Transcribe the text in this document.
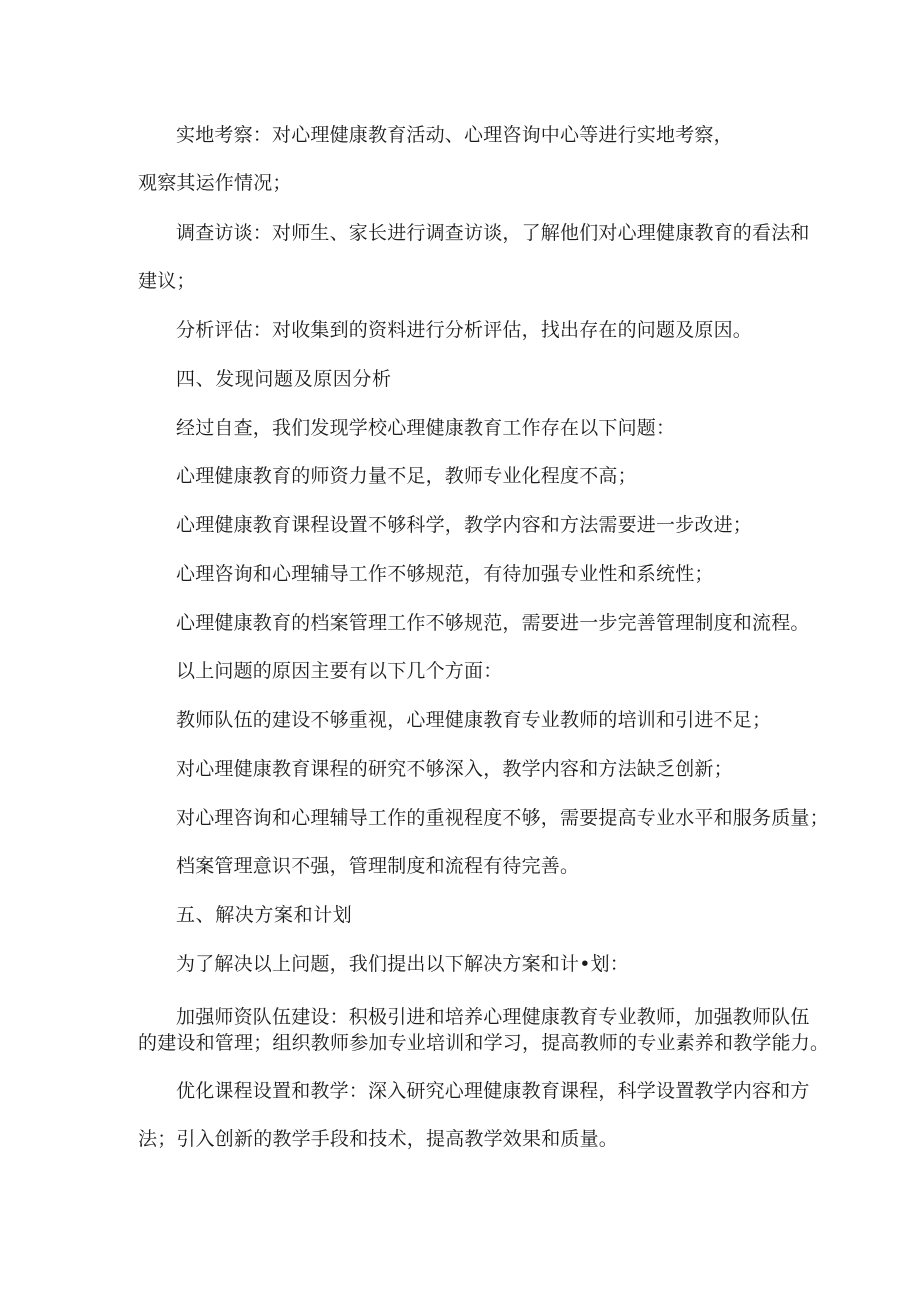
实地考察：对心理健康教育活动、心理咨询中心等进行实地考察，
观察其运作情况；
调查访谈：对师生、家长进行调查访谈，了解他们对心理健康教育的看法和
建议；
分析评估：对收集到的资料进行分析评估，找出存在的问题及原因。
四、发现问题及原因分析
经过自查，我们发现学校心理健康教育工作存在以下问题：
心理健康教育的师资力量不足，教师专业化程度不高；
心理健康教育课程设置不够科学，教学内容和方法需要进一步改进；
心理咨询和心理辅导工作不够规范，有待加强专业性和系统性；
心理健康教育的档案管理工作不够规范，需要进一步完善管理制度和流程。
以上问题的原因主要有以下几个方面：
教师队伍的建设不够重视，心理健康教育专业教师的培训和引进不足；
对心理健康教育课程的研究不够深入，教学内容和方法缺乏创新；
对心理咨询和心理辅导工作的重视程度不够，需要提高专业水平和服务质量；
档案管理意识不强，管理制度和流程有待完善。
五、解决方案和计划
为了解决以上问题，我们提出以下解决方案和计•划：
加强师资队伍建设：积极引进和培养心理健康教育专业教师，加强教师队伍
的建设和管理；组织教师参加专业培训和学习，提高教师的专业素养和教学能力。
优化课程设置和教学：深入研究心理健康教育课程，科学设置教学内容和方
法；引入创新的教学手段和技术，提高教学效果和质量。
